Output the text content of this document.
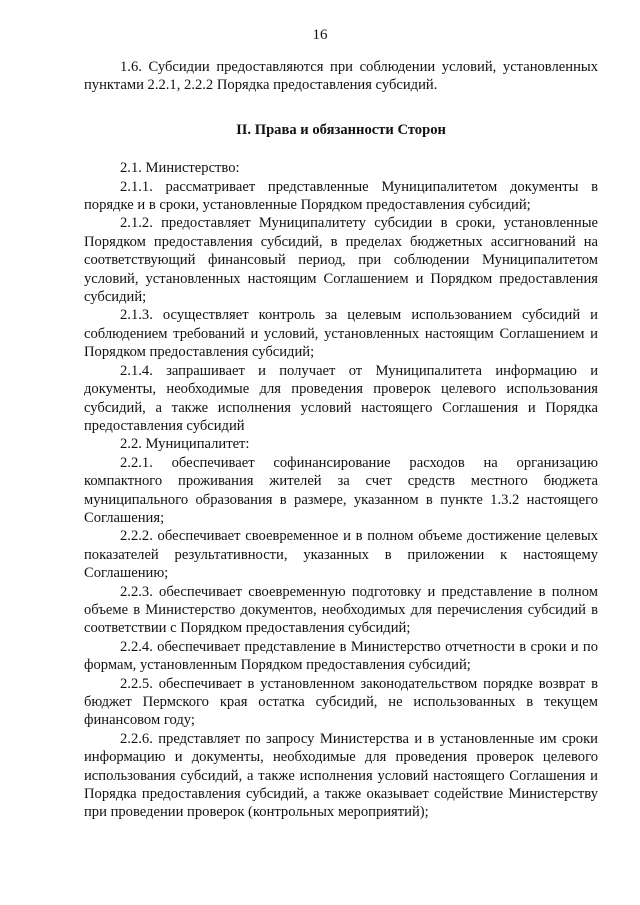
16

1.6. Субсидии предоставляются при соблюдении условий, установленных пунктами 2.2.1, 2.2.2 Порядка предоставления субсидий.

II. Права и обязанности Сторон

2.1. Министерство:

2.1.1. рассматривает представленные Муниципалитетом документы в порядке и в сроки, установленные Порядком предоставления субсидий;

2.1.2. предоставляет Муниципалитету субсидии в сроки, установленные Порядком предоставления субсидий, в пределах бюджетных ассигнований на соответствующий финансовый период, при соблюдении Муниципалитетом условий, установленных настоящим Соглашением и Порядком предоставления субсидий;

2.1.3. осуществляет контроль за целевым использованием субсидий и соблюдением требований и условий, установленных настоящим Соглашением и Порядком предоставления субсидий;

2.1.4. запрашивает и получает от Муниципалитета информацию и документы, необходимые для проведения проверок целевого использования субсидий, а также исполнения условий настоящего Соглашения и Порядка предоставления субсидий

2.2. Муниципалитет:

2.2.1. обеспечивает софинансирование расходов на организацию компактного проживания жителей за счет средств местного бюджета муниципального образования в размере, указанном в пункте 1.3.2 настоящего Соглашения;

2.2.2. обеспечивает своевременное и в полном объеме достижение целевых показателей результативности, указанных в приложении к настоящему Соглашению;

2.2.3. обеспечивает своевременную подготовку и представление в полном объеме в Министерство документов, необходимых для перечисления субсидий в соответствии с Порядком предоставления субсидий;

2.2.4. обеспечивает представление в Министерство отчетности в сроки и по формам, установленным Порядком предоставления субсидий;

2.2.5. обеспечивает в установленном законодательством порядке возврат в бюджет Пермского края остатка субсидий, не использованных в текущем финансовом году;

2.2.6. представляет по запросу Министерства и в установленные им сроки информацию и документы, необходимые для проведения проверок целевого использования субсидий, а также исполнения условий настоящего Соглашения и Порядка предоставления субсидий, а также оказывает содействие Министерству при проведении проверок (контрольных мероприятий);
